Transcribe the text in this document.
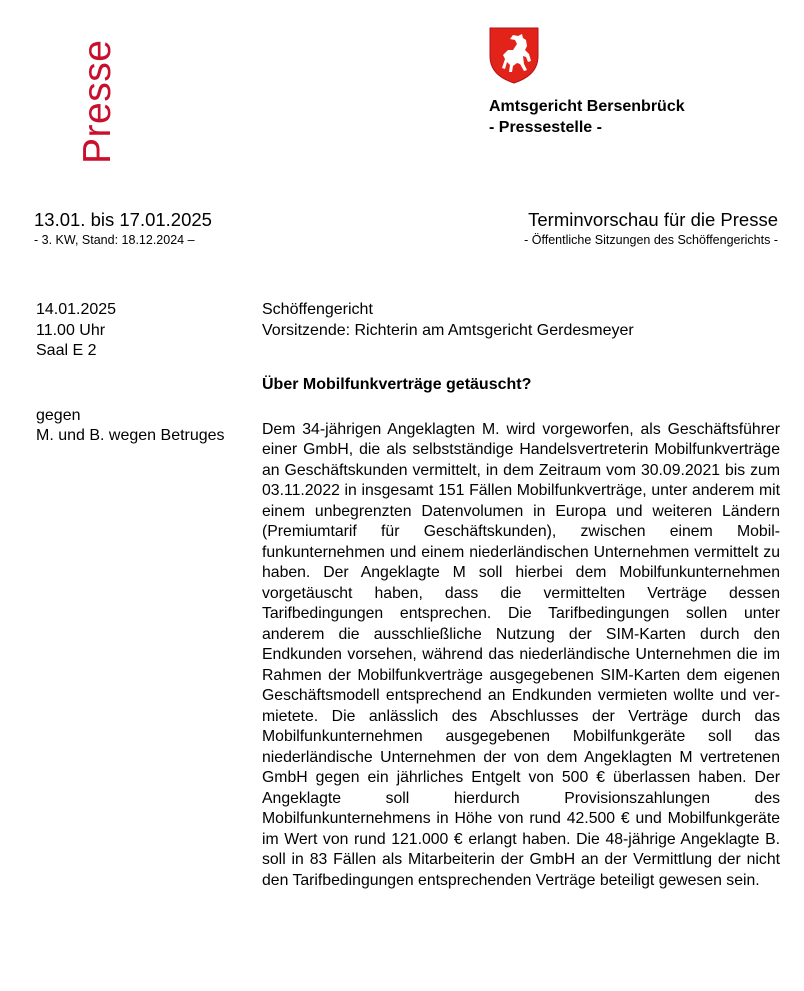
Presse	Amtsgericht Bersenbrück
- Pressestelle -
13.01. bis 17.01.2025
- 3. KW, Stand: 18.12.2024 –
Terminvorschau für die Presse
- Öffentliche Sitzungen des Schöffengerichts -
14.01.2025
11.00 Uhr
Saal E 2
gegen
M. und B. wegen Betruges
Schöffengericht
Vorsitzende: Richterin am Amtsgericht Gerdesmeyer
Über Mobilfunkverträge getäuscht?
Dem 34-jährigen Angeklagten M. wird vorgeworfen, als Geschäftsführer einer GmbH, die als selbstständige Handelsvertreterin Mobilfunkverträge an Geschäftskunden vermittelt, in dem Zeitraum vom 30.09.2021 bis zum 03.11.2022 in insgesamt 151 Fällen Mobilfunkverträge, unter anderem mit einem unbegrenzten Datenvolumen in Europa und weiteren Ländern (Premiumtarif für Geschäftskunden), zwischen einem Mobilfunkunternehmen und einem niederländischen Unternehmen vermittelt zu haben. Der Angeklagte M soll hierbei dem Mobilfunkunternehmen vorgetäuscht haben, dass die vermittelten Verträge dessen Tarifbedingungen entsprechen. Die Tarifbedingungen sollen unter anderem die ausschließliche Nutzung der SIM-Karten durch den Endkunden vorsehen, während das niederländische Unternehmen die im Rahmen der Mobilfunkverträge ausgegebenen SIM-Karten dem eigenen Geschäftsmodell entsprechend an Endkunden vermieten wollte und vermietete. Die anlässlich des Abschlusses der Verträge durch das Mobilfunkunternehmen ausgegebenen Mobilfunkgeräte soll das niederländische Unternehmen der von dem Angeklagten M vertretenen GmbH gegen ein jährliches Entgelt von 500 € überlassen haben. Der Angeklagte soll hierdurch Provisionszahlungen des Mobilfunkunternehmens in Höhe von rund 42.500 € und Mobilfunkgeräte im Wert von rund 121.000 € erlangt haben. Die 48-jährige Angeklagte B. soll in 83 Fällen als Mitarbeiterin der GmbH an der Vermittlung der nicht den Tarifbedingungen entsprechenden Verträge beteiligt gewesen sein.
